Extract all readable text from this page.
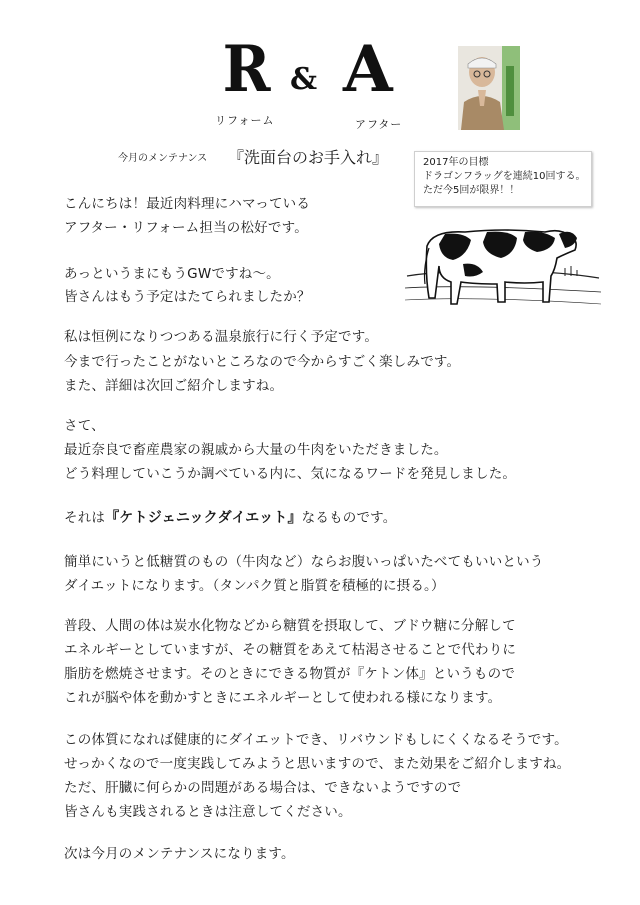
R & A
リフォーム	アフター
今月のメンテナンス 『洗面台のお手入れ』	2017年の目標
ドラゴンフラッグを連続10回する。
ただ今5回が限界！！
こんにちは！最近肉料理にハマっている
アフター・リフォーム担当の松好です。
あっというまにもうGWですね～。
皆さんはもう予定はたてられましたか？
私は恒例になりつつある温泉旅行に行く予定です。
今まで行ったことがないところなので今からすごく楽しみです。
また、詳細は次回ご紹介しますね。
さて、
最近奈良で畜産農家の親戚から大量の牛肉をいただきました。
どう料理していこうか調べている内に、気になるワードを発見しました。
それは『ケトジェニックダイエット』なるものです。
簡単にいうと低糖質のもの（牛肉など）ならお腹いっぱいたべてもいいという
ダイエットになります。（タンパク質と脂質を積極的に摂る。）
普段、人間の体は炭水化物などから糖質を摂取して、ブドウ糖に分解して
エネルギーとしていますが、その糖質をあえて枯渇させることで代わりに
脂肪を燃焼させます。そのときにできる物質が『ケトン体』というもので
これが脳や体を動かすときにエネルギーとして使われる様になります。
この体質になれば健康的にダイエットでき、リバウンドもしにくくなるそうです。
せっかくなので一度実践してみようと思いますので、また効果をご紹介しますね。
ただ、肝臓に何らかの問題がある場合は、できないようですので
皆さんも実践されるときは注意してください。
次は今月のメンテナンスになります。
